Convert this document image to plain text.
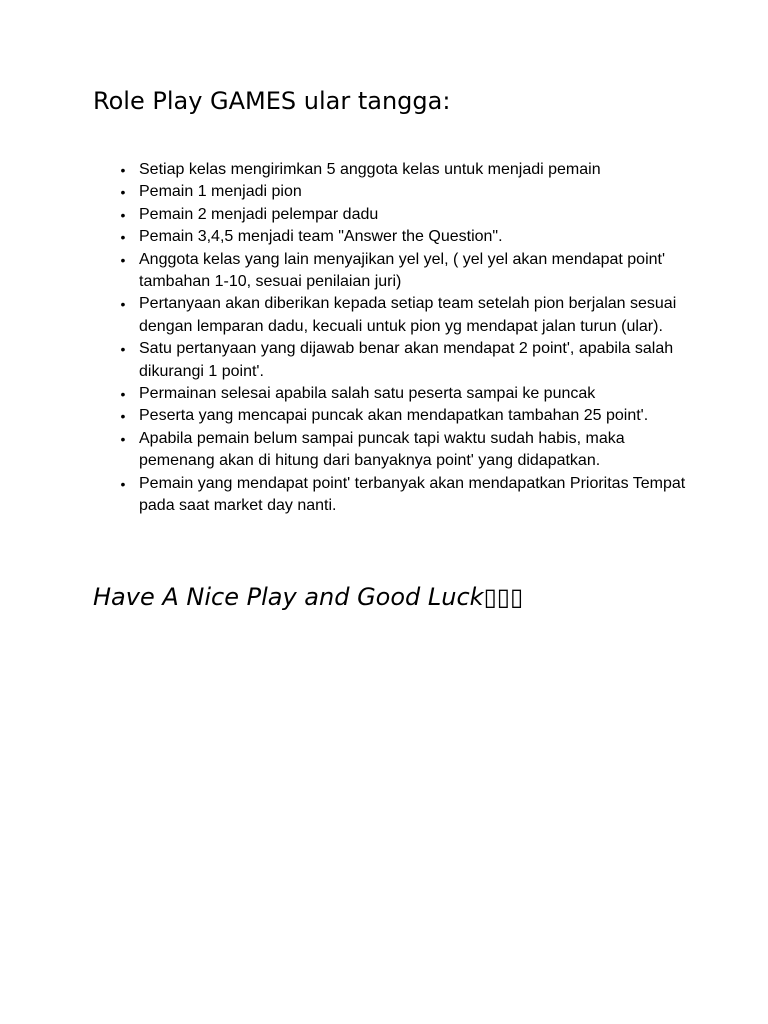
Role Play GAMES ular tangga:
• Setiap kelas mengirimkan 5 anggota kelas untuk menjadi pemain
• Pemain 1 menjadi pion
• Pemain 2 menjadi pelempar dadu
• Pemain 3,4,5 menjadi team "Answer the Question".
• Anggota kelas yang lain menyajikan yel yel, ( yel yel akan mendapat point' tambahan 1-10, sesuai penilaian juri)
• Pertanyaan akan diberikan kepada setiap team setelah pion berjalan sesuai dengan lemparan dadu, kecuali untuk pion yg mendapat jalan turun (ular).
• Satu pertanyaan yang dijawab benar akan mendapat 2 point', apabila salah dikurangi 1 point'.
• Permainan selesai apabila salah satu peserta sampai ke puncak
• Peserta yang mencapai puncak akan mendapatkan tambahan 25 point'.
• Apabila pemain belum sampai puncak tapi waktu sudah habis, maka pemenang akan di hitung dari banyaknya point' yang didapatkan.
• Pemain yang mendapat point' terbanyak akan mendapatkan Prioritas Tempat pada saat market day nanti.

Have A Nice Play and Good Luck▯▯▯
